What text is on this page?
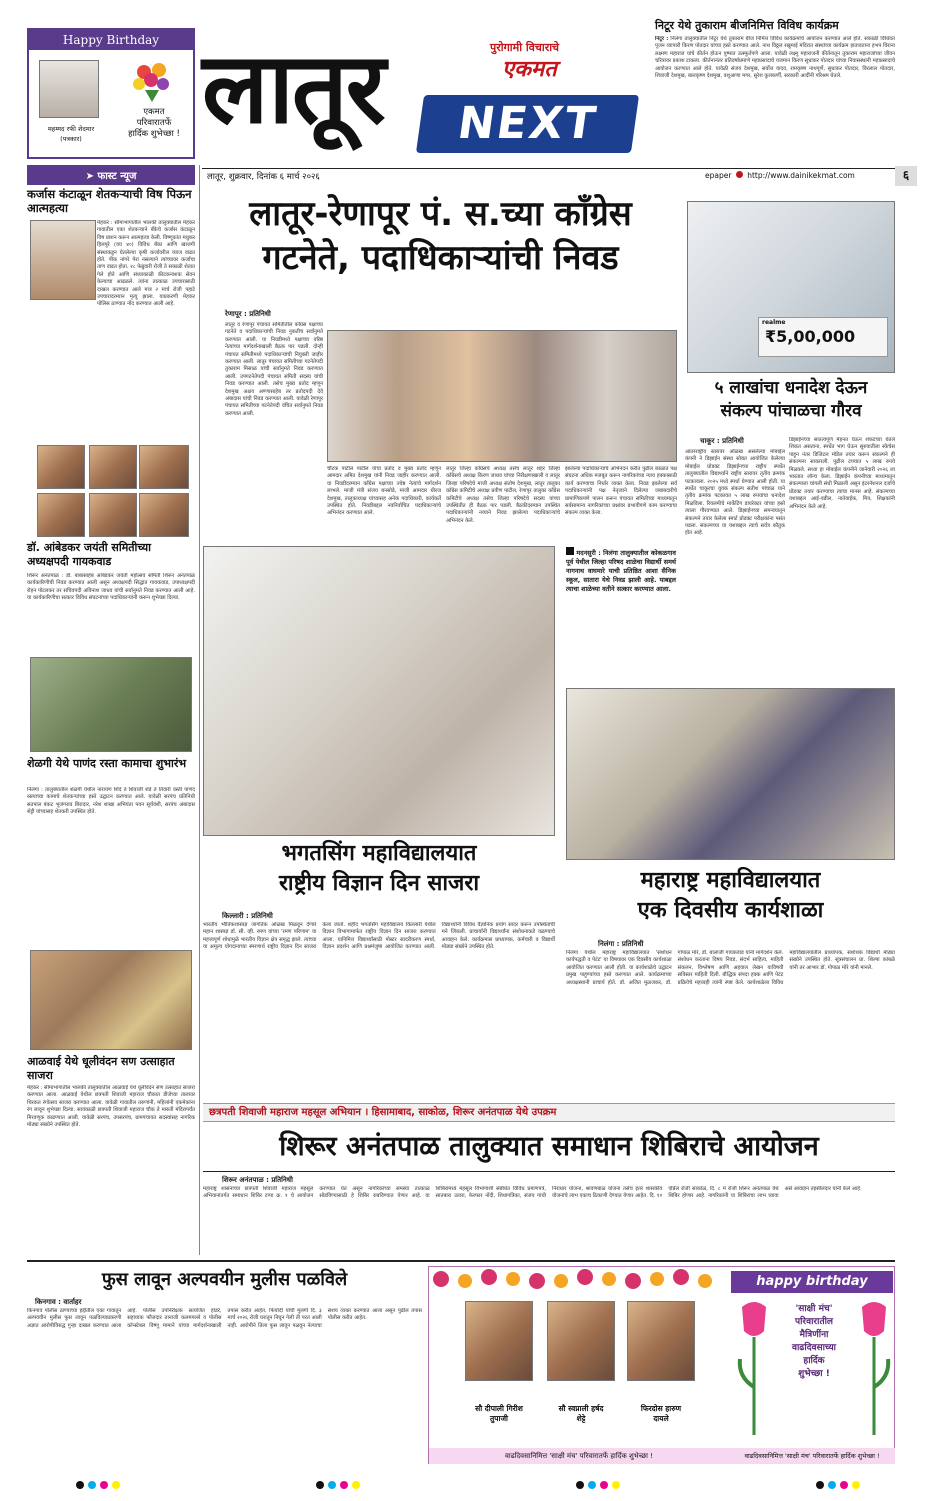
Happy Birthday
महम्मद रफी शेदमार
(पत्रकार)
एकमत
परिवारातर्फे
हार्दिक शुभेच्छा ! लातूर	पुरोगामी विचाराचे
एकमत
NEXT
निटूर येथे तुकाराम बीजनिमित्त विविध कार्यक्रम
निटूर : निलंगा तालुक्यातील निटूर येथे तुकाराम बीज निमित्त विविध कार्यक्रमांचे आयोजन करण्यात आले होते. सकाळी विधिवत पूजन व्यापारी किरण पोतदार यांच्या हस्ते करण्यात आले. नाथ विठ्ठल रखुमाई मंदिरात संस्थांच्या कार्यक्रम हातावताना हभप विराना लक्ष्मण महाराज यांचे कीर्तन होऊन पुष्पात उत्स्फूर्तपणे आला. यावेळी लक्ष्मू महाराजनी कीर्तनातून तुकाराम महाराजांच्या जीवन चरित्रावर प्रकाश टाकला. कीर्तनानंतर प्रतिवर्षाप्रमाणे महाप्रसादाचे यजमान किरण सुधाकर पोतदार यांच्या निवासस्थानी महाप्रसादाचे आयोजन करण्यात आले होते. यावेळी संजय देशमुख, सर्वोत्त यादव, रामकृष्ण नाथपूर्णे, सुधाकर पोतदार, विरलाल पोतदार, शिवाजी देशमुख, बालकृष्ण देशमुख, वशूआणा मगर, सुरेश कुलकर्णी, सरकारी आदींनी परिश्रम घेतले.
लातूर, शुक्रवार, दिनांक ६ मार्च २०२६	epaper http://www.dainikekmat.com	६
➤ फास्ट न्यूज
कर्जास कंटाळून शेतकऱ्याची विष पिऊन आत्महत्या
मेहकर : सीमाभागातील भालकी तालुक्यातील मेहकर गावातील एका शेतकऱ्याने बँकेचे कर्जास कंटाळून विष प्राशन करून आत्महत्या केली. विष्णूकांत मधुकर हिलपुरे (वय ४०) विविध बँका आणि खाजगी संस्थाकडून घेतलेल्या कृषी कर्जावरील व्याज वाढत होते. पीक नांगरे पेरा नसल्याने त्यांच्यावर कर्जाचा ताण वाढत होता. २८ फेब्रुवारी रोजी ते सकाळी शेतात गेले होते आणि संध्याकाळी कीटकनाशक सेवन केल्याचा आढळले. त्यांना तात्काळ उपचारासाठी दाखल करण्यात आले मात्र २ मार्च रोजी पहाटे उपचारादरम्यान मृत्यू झाला. याप्रकरणी मेहकर पोलिस ठाण्यात नोंद करण्यात आली आहे.
डॉ. आंबेडकर जयंती समितीच्या अध्यक्षपदी गायकवाड
शिरूर अनंतपाळ : डॉ. बाबासाहेब आंबेडकर जयंती महोत्सव समिती शिरूर अनंतपाळ कार्यकारिणीची निवड करण्यात आली असून अध्यक्षपदी सिद्धांत गायकवाड, उपाध्यक्षपदी रोहन पोटलकर तर सचिवपदी अविनाश जाधव यांची सर्वानुमते निवड करण्यात आली आहे. या कार्यकारिणीचा सत्कार विविध संघटनांच्या पदाधिकाऱ्यांनी करून शुभेच्छा दिल्या.
शेळगी येथे पाणंद रस्ता कामाचा शुभारंभ
निलंगा : तालुक्यातील शेळगी येथील नारायण शिंदे ते शिवाजी शेंडे ते तिवारी वस्ती पाणंद रस्त्याच्या कामाचे शेतकऱ्यांच्या हस्ते उद्घाटन करण्यात आले. यावेळी सरपंच प्रतिनिधी सतपाल बंकट भुजंगराव बिरादार, नरेश शाखा अभियंता पवन सूर्यवंशी, सरपंच अंबादास शेट्टी यांच्यासह शेतकरी उपस्थित होते.
आळवाई येथे धूलीवंदन सण उत्साहात साजरा
मेहकर : सीमाभागातील भालकी तालुक्यातील आळवाई येथे धूलीवंदन सण उत्साहात साजरा करण्यात आला. आळवाई येथील छत्रपती शिवाजी महाराज चौकात डीजेच्या तालावर थिरकत रंगोत्सव साजरा करण्यात आला. यावेळी गावातील तरुणांनी, महिलांनी एकमेकांना रंग लावून शुभेच्छा दिल्या. सायंकाळी छत्रपती शिवाजी महाराज चौक ते मारुती मंदिरापर्यंत मिरवणूक काढण्यात आली. यावेळी सरपंच, उपसरपंच, ग्रामपंचायत सदस्यांसह नागरिक मोठ्या संख्येने उपस्थित होते.
लातूर-रेणापूर पं. स.च्या काँग्रेस
गटनेते, पदाधिकाऱ्यांची निवड
रेणापूर : प्रतिनिधी
लातूर व रेणापूर पंचायत समितीतील काँग्रेस पक्षाच्या गटनेते व पदाधिकाऱ्यांची निवड नुकतीच सर्वानुमते करण्यात आली. या निवडीमध्ये पक्षाच्या वरिष्ठ नेत्यांच्या मार्गदर्शनाखाली बैठक पार पडली. दोन्ही पंचायत समितीमध्ये पदाधिकाऱ्यांची नियुक्ती जाहीर करण्यात आली. लातूर पंचायत समितीच्या गटनेतेपदी तुकाराम मिसाळ यांची सर्वानुमते निवड करण्यात आली. उपगटनेतेपदी पंचायत समिती सदस्य यांची निवड करण्यात आली. तसेच मुख्य प्रतोद म्हणून देशमुख अक्षय अण्णासाहेब तर प्रतोदपदी देवे अंबादास यांची निवड करण्यात आली. यावेळी रेणापूर पंचायत समितीच्या गटनेतेपदी वंचित सर्वानुमते निवड करण्यात आली.
चौटक पाटील पाटील यांचा प्रतोद व मुख्य प्रतोद म्हणून आमदार अमित देशमुख यांनी निवड जाहीर करण्यात आली. या निवडीदरम्यान काँग्रेस पक्षाच्या ज्येष्ठ नेत्यांचे मार्गदर्शन लाभले. माजी मंत्री संजय बनसोडे, माजी आमदार धीरज देशमुख, तालुकाध्यक्ष यांच्यासह अनेक पदाधिकारी, कार्यकर्ते उपस्थित होते. निवडीबद्दल नवनिर्वाचित पदाधिकाऱ्यांचे अभिनंदन करण्यात आले.
लातूर जिल्हा काँग्रेसचे अध्यक्ष तसेच लातूर शहर जिल्हा काँग्रेसचे अध्यक्ष किरण जाधव यांच्या निरीक्षणाखाली व लातूर जिल्हा परिषदेचे माजी अध्यक्ष संतोष देशमुख, लातूर तालुका काँग्रेस कमिटीचे अध्यक्ष प्रवीण पाटील, रेणापूर तालुका काँग्रेस कमिटीचे अध्यक्ष तसेच जिल्हा परिषदेचे सदस्य यांच्या उपस्थितीत ही बैठक पार पडली. बैठकीदरम्यान उपस्थित पदाधिकाऱ्यांनी नव्याने निवड झालेल्या पदाधिकाऱ्यांचे अभिनंदन केले.
झालेल्या पदाधिकाऱ्यांचे अभिनंदन करीत पुढील काळात पक्ष संघटना अधिक मजबूत करून नागरिकांच्या न्याय हक्कासाठी कार्य करण्याचा निर्धार व्यक्त केला. निवड झालेल्या सर्व पदाधिकाऱ्यांनी पक्ष नेतृत्वाने दिलेल्या जबाबदारीचे प्रामाणिकपणे पालन करून पंचायत समितीच्या माध्यमातून सर्वसामान्य नागरिकांच्या प्रश्नांवर प्रभावीपणे काम करण्याचा संकल्प व्यक्त केला.
realme
₹5,00,000
५ लाखांचा धनादेश देऊन
संकल्प पांचाळचा गौरव
चाकूर : प्रतिनिधी
आंतरराष्ट्रीय स्तरावर ओळख असलेल्या मोबाईल कंपनी ने डिझाईन संस्था सोबत आयोजित केलेल्या मोबाईल प्रोडक्ट डिझाईनच्या राष्ट्रीय स्पर्धेत तालुक्यातील विद्यार्थ्याने राष्ट्रीय स्तरावर तृतीय क्रमांक पटकावला. २०२५ मध्ये स्पर्धा घेण्यात आली होती. या स्पर्धेत चाकूरचा युवक संकल्प सतीश पांचाळ याने तृतीय क्रमांक पटकावत ५ लाख रुपयांचा धनादेश मिळविला. रियलमीचे मार्केटिंग डायरेक्टर यांच्या हस्ते त्याला गौरवण्यात आले. डिझाईनच्या समन्वयातून संकल्पने तयार केलेला स्मार्ट प्रोडक्ट परीक्षकांना पसंत पडला. संकल्पच्या या यशाबद्दल त्याचे सर्वत्र कौतुक होत आहे.
डिझाईनच्या सातत्यपूर्ण मेहनत घेऊन शंकटच्या घेतले शिकत असताना, स्पर्धेत भाग घेऊन सुरुवातीला स्केचेस पाहून नंतर डिजिटल मॉडेल तयार करून संकल्पने ही संकल्पना साकारली. पुढील टप्प्यात ५ लाख रुपये मिळवले. सध्या हा मोबाईल कंपनीने जानेवारी २०२६ ला भारतात लॉन्च केला. डिझाईन कंपनीच्या माध्यमातून संकल्पाला चांगली संधी मिळाली असून इंटरनॅशनल दर्जाचे प्रोडक्ट तयार करण्याचा त्याचा मानस आहे. संकल्पच्या यशाबद्दल आई-वडील, नातेवाईक, मित्र, शिक्षकांनी अभिनंदन केले आहे.
भगतसिंग महाविद्यालयात
राष्ट्रीय विज्ञान दिन साजरा
किल्लारी : प्रतिनिधी
भारतीय भौतिकशास्त्रज्ञ जागतिक ओळख मिळवून देणारे महान शास्त्रज्ञ डॉ. सी. व्ही. रमण यांच्या 'रमण परिणाम' या महत्त्वपूर्ण शोधामुळे भारतीय विज्ञान क्षेत्र समृद्ध झाले. त्यांच्या या अमूल्य योगदानाच्या स्मरणार्थ राष्ट्रीय विज्ञान दिन साजरा केला जातो. शहीद भगतसिंग महाविद्यालय किल्लारी येथील विज्ञान विभागामार्फत राष्ट्रीय विज्ञान दिन साजरा करण्यात आला. यानिमित्त विद्यार्थ्यांसाठी पोस्टर सादरीकरण स्पर्धा, विज्ञान प्रदर्शन आणि प्रश्नमंजुषा आयोजित करण्यात आली. विद्यार्थ्यांनी विविध वैज्ञानिक प्रयोग सादर करून उपस्थितांची मने जिंकली. प्राचार्यांनी विद्यार्थ्यांना संशोधनाकडे वळण्याचे आवाहन केले. कार्यक्रमास प्राध्यापक, कर्मचारी व विद्यार्थी मोठ्या संख्येने उपस्थित होते.
मदनसुरी : निलंगा तालुक्यातील कोकळगाव पूर्व येथील जिल्हा परिषद शाळेचा विद्यार्थी समर्थ नागनाथ वाघमारे याची प्रतिष्ठित आशा सैनिक स्कूल, सातारा येथे निवड झाली आहे. याबद्दल त्याचा शाळेच्या वतीने सत्कार करण्यात आला.
महाराष्ट्र महाविद्यालयात
एक दिवसीय कार्यशाळा
निलंगा : प्रतिनिधी
निलंगा येथील महाराष्ट्र महाविद्यालयात 'संशोधन कार्यपद्धती व पेटंट' या विषयावर एक दिवसीय कार्यशाळा आयोजित करण्यात आली होती. या कार्यशाळेचे उद्घाटन प्रमुख पाहुण्यांच्या हस्ते करण्यात आले. कार्यक्रमाच्या अध्यक्षस्थानी प्राचार्य होते. डॉ. अजित मुळजकर, डॉ. गोपाळ मोरे, डॉ. बालाजी गायकवाड यांनी मार्गदर्शन केले. संशोधन करताना विषय निवड, संदर्भ साहित्य, माहिती संकलन, विश्लेषण आणि अहवाल लेखन याविषयी सविस्तर माहिती दिली. बौद्धिक संपदा हक्क आणि पेटंट प्रक्रियेचे महत्त्वही त्यांनी स्पष्ट केले. कार्यशाळेला विविध महाविद्यालयांतील प्राध्यापक, संशोधक विद्यार्थी मोठ्या संख्येने उपस्थित होते. सूत्रसंचालन प्रा. शिल्पा कांबळे यांनी तर आभार डॉ. गोपाळ मोरे यांनी मानले.
छत्रपती शिवाजी महाराज महसूल अभियान । हिसामाबाद, साकोळ, शिरूर अनंतपाळ येथे उपक्रम
शिरूर अनंतपाळ तालुक्यात समाधान शिबिराचे आयोजन
शिरूर अनंतपाळ : प्रतिनिधी
महाराष्ट्र शासनाच्या छत्रपती शिवाजी महाराज महसूल अभियानांतर्गत समाधान शिबिर टप्पा क्र. १ चे आयोजन करण्यात येत असून नागरिकांच्या समस्या तात्काळ सोडविण्यासाठी हे शिबिर राबविण्यात येणार आहे. या शिबिरामध्ये महसूल विभागाशी संबंधित विविध प्रमाणपत्रे, सातबारा उतारा, फेरफार नोंदी, शिधापत्रिका, संजय गांधी निराधार योजना, श्रावणबाळ योजना तसेच इतर शासकीय योजनांचे लाभ एकाच ठिकाणी देण्यात येणार आहेत. दि. १० एप्रिल रोजी साकोळ, दि. ८ मे रोजी शिरूर अनंतपाळ येथे शिबिर होणार आहे. नागरिकांनी या शिबिराचा लाभ घ्यावा असे आवाहन तहसीलदार यांनी केले आहे.
फुस लावून अल्पवयीन मुलीस पळविले
किनगाव : वार्ताहर
किनगाव पोलीस ठाण्याच्या हद्दीतील एका गावातून अल्पवयीन मुलीस फूस लावून पळविल्याप्रकरणी अज्ञात आरोपीविरुद्ध गुन्हा दाखल करण्यात आला आहे. पोलीस उपनिरीक्षक सत्यजित हांडरे, सहाय्यक फौजदार तानाजी कलमपल्ले व पोलीस कॉन्स्टेबल विष्णू मामाने यांच्या मार्गदर्शनाखाली तपास करीत आहेत. फिर्यादी यांची मुलगी दि. ३ मार्च २०२६ रोजी घरातून निघून गेली ती परत आली नाही. आरोपीने तिला फूस लावून पळवून नेल्याचा संशय व्यक्त करण्यात आला असून पुढील तपास पोलीस करीत आहेत.
सौ दीपाली गिरीश
तुपाजी
सौ स्वप्नाली हर्षद
शेट्टे
फिरदोस हारुण
दायले
वाढदिवसानिमित्त 'साक्षी मंच' परिवारातर्फे हार्दिक शुभेच्छा !
happy birthday
'साक्षी मंच'
परिवारातील
मैत्रिणींना
वाढदिवसाच्या
हार्दिक
शुभेच्छा !
वाढदिवसानिमित्त 'साक्षी मंच' परिवारातर्फे हार्दिक शुभेच्छा !
